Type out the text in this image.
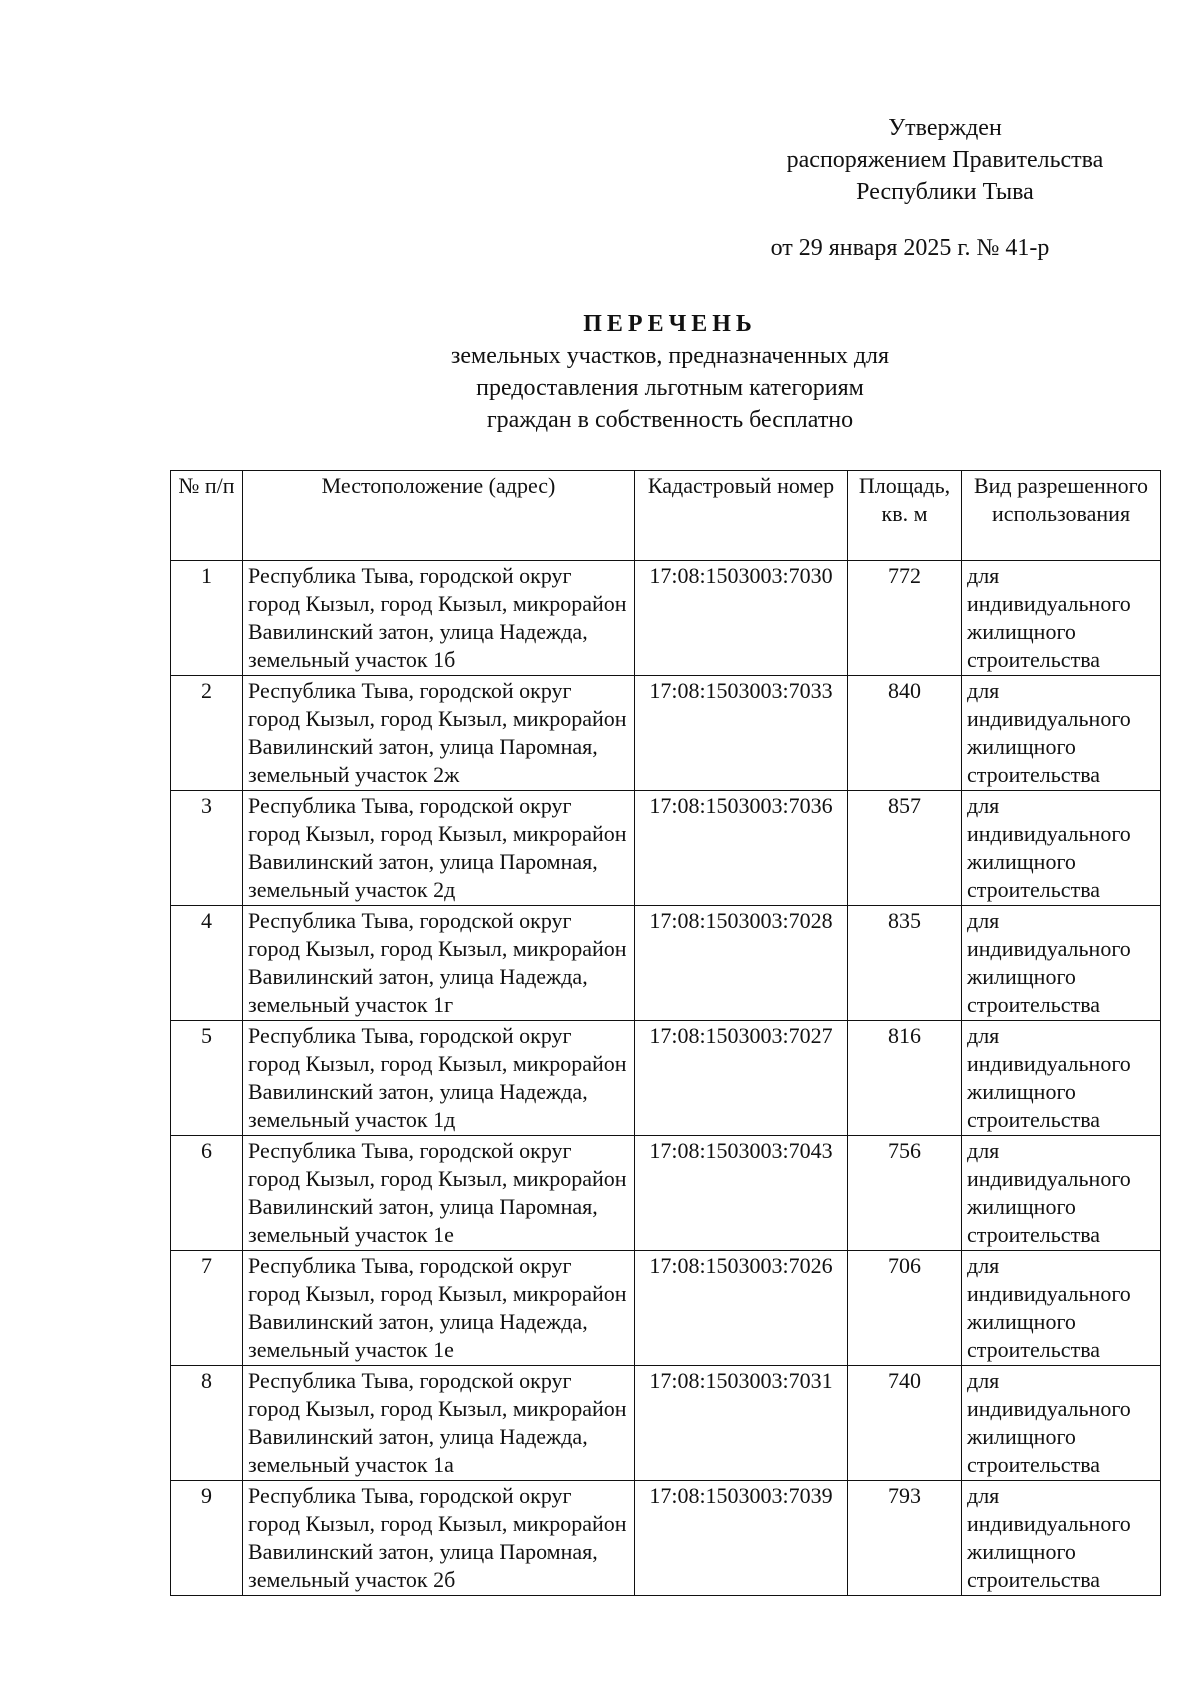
Утвержден
распоряжением Правительства
Республики Тыва
от 29 января 2025 г. № 41-р
ПЕРЕЧЕНЬ
земельных участков, предназначенных для
предоставления льготным категориям
граждан в собственность бесплатно
№ п/п	Местоположение (адрес)	Кадастровый номер	Площадь, кв. м	Вид разрешенного использования
1	Республика Тыва, городской округ город Кызыл, город Кызыл, микрорайон Вавилинский затон, улица Надежда, земельный участок 1б	17:08:1503003:7030	772	для индивидуального жилищного строительства
2	Республика Тыва, городской округ город Кызыл, город Кызыл, микрорайон Вавилинский затон, улица Паромная, земельный участок 2ж	17:08:1503003:7033	840	для индивидуального жилищного строительства
3	Республика Тыва, городской округ город Кызыл, город Кызыл, микрорайон Вавилинский затон, улица Паромная, земельный участок 2д	17:08:1503003:7036	857	для индивидуального жилищного строительства
4	Республика Тыва, городской округ город Кызыл, город Кызыл, микрорайон Вавилинский затон, улица Надежда, земельный участок 1г	17:08:1503003:7028	835	для индивидуального жилищного строительства
5	Республика Тыва, городской округ город Кызыл, город Кызыл, микрорайон Вавилинский затон, улица Надежда, земельный участок 1д	17:08:1503003:7027	816	для индивидуального жилищного строительства
6	Республика Тыва, городской округ город Кызыл, город Кызыл, микрорайон Вавилинский затон, улица Паромная, земельный участок 1е	17:08:1503003:7043	756	для индивидуального жилищного строительства
7	Республика Тыва, городской округ город Кызыл, город Кызыл, микрорайон Вавилинский затон, улица Надежда, земельный участок 1е	17:08:1503003:7026	706	для индивидуального жилищного строительства
8	Республика Тыва, городской округ город Кызыл, город Кызыл, микрорайон Вавилинский затон, улица Надежда, земельный участок 1а	17:08:1503003:7031	740	для индивидуального жилищного строительства
9	Республика Тыва, городской округ город Кызыл, город Кызыл, микрорайон Вавилинский затон, улица Паромная, земельный участок 2б	17:08:1503003:7039	793	для индивидуального жилищного строительства
